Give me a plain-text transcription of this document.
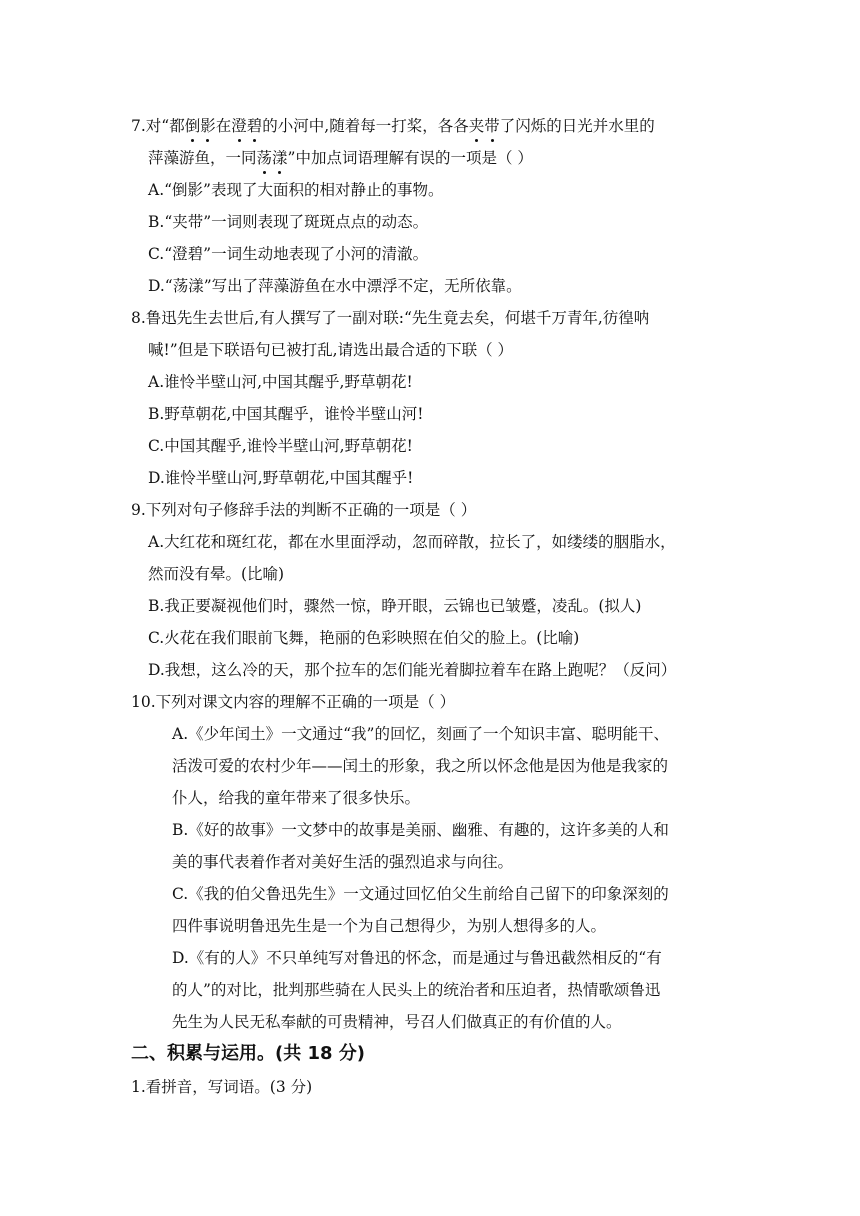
7.对“都倒影在澄碧的小河中,随着每一打桨，各各夹带了闪烁的日光并水里的
萍藻游鱼，一同荡漾”中加点词语理解有误的一项是（ ）
A.“倒影”表现了大面积的相对静止的事物。
B.“夹带”一词则表现了斑斑点点的动态。
C.“澄碧”一词生动地表现了小河的清澈。
D.“荡漾”写出了萍藻游鱼在水中漂浮不定，无所依靠。
8.鲁迅先生去世后,有人撰写了一副对联:“先生竟去矣，何堪千万青年,彷徨呐
喊!”但是下联语句已被打乱,请选出最合适的下联（ ）
A.谁怜半壁山河,中国其醒乎,野草朝花!
B.野草朝花,中国其醒乎，谁怜半壁山河!
C.中国其醒乎,谁怜半壁山河,野草朝花!
D.谁怜半壁山河,野草朝花,中国其醒乎!
9.下列对句子修辞手法的判断不正确的一项是（ ）
A.大红花和斑红花，都在水里面浮动，忽而碎散，拉长了，如缕缕的胭脂水，
然而没有晕。(比喻)
B.我正要凝视他们时，骤然一惊，睁开眼，云锦也已皱蹙，凌乱。(拟人)
C.火花在我们眼前飞舞，艳丽的色彩映照在伯父的脸上。(比喻)
D.我想，这么冷的天，那个拉车的怎们能光着脚拉着车在路上跑呢？（反问）
10.下列对课文内容的理解不正确的一项是（ ）
A.《少年闰土》一文通过“我”的回忆，刻画了一个知识丰富、聪明能干、
活泼可爱的农村少年——闰土的形象，我之所以怀念他是因为他是我家的
仆人，给我的童年带来了很多快乐。
B.《好的故事》一文梦中的故事是美丽、幽雅、有趣的，这许多美的人和
美的事代表着作者对美好生活的强烈追求与向往。
C.《我的伯父鲁迅先生》一文通过回忆伯父生前给自己留下的印象深刻的
四件事说明鲁迅先生是一个为自己想得少，为别人想得多的人。
D.《有的人》不只单纯写对鲁迅的怀念，而是通过与鲁迅截然相反的“有
的人”的对比，批判那些骑在人民头上的统治者和压迫者，热情歌颂鲁迅
先生为人民无私奉献的可贵精神，号召人们做真正的有价值的人。
二、积累与运用。(共 18 分)
1.看拼音，写词语。(3 分)
